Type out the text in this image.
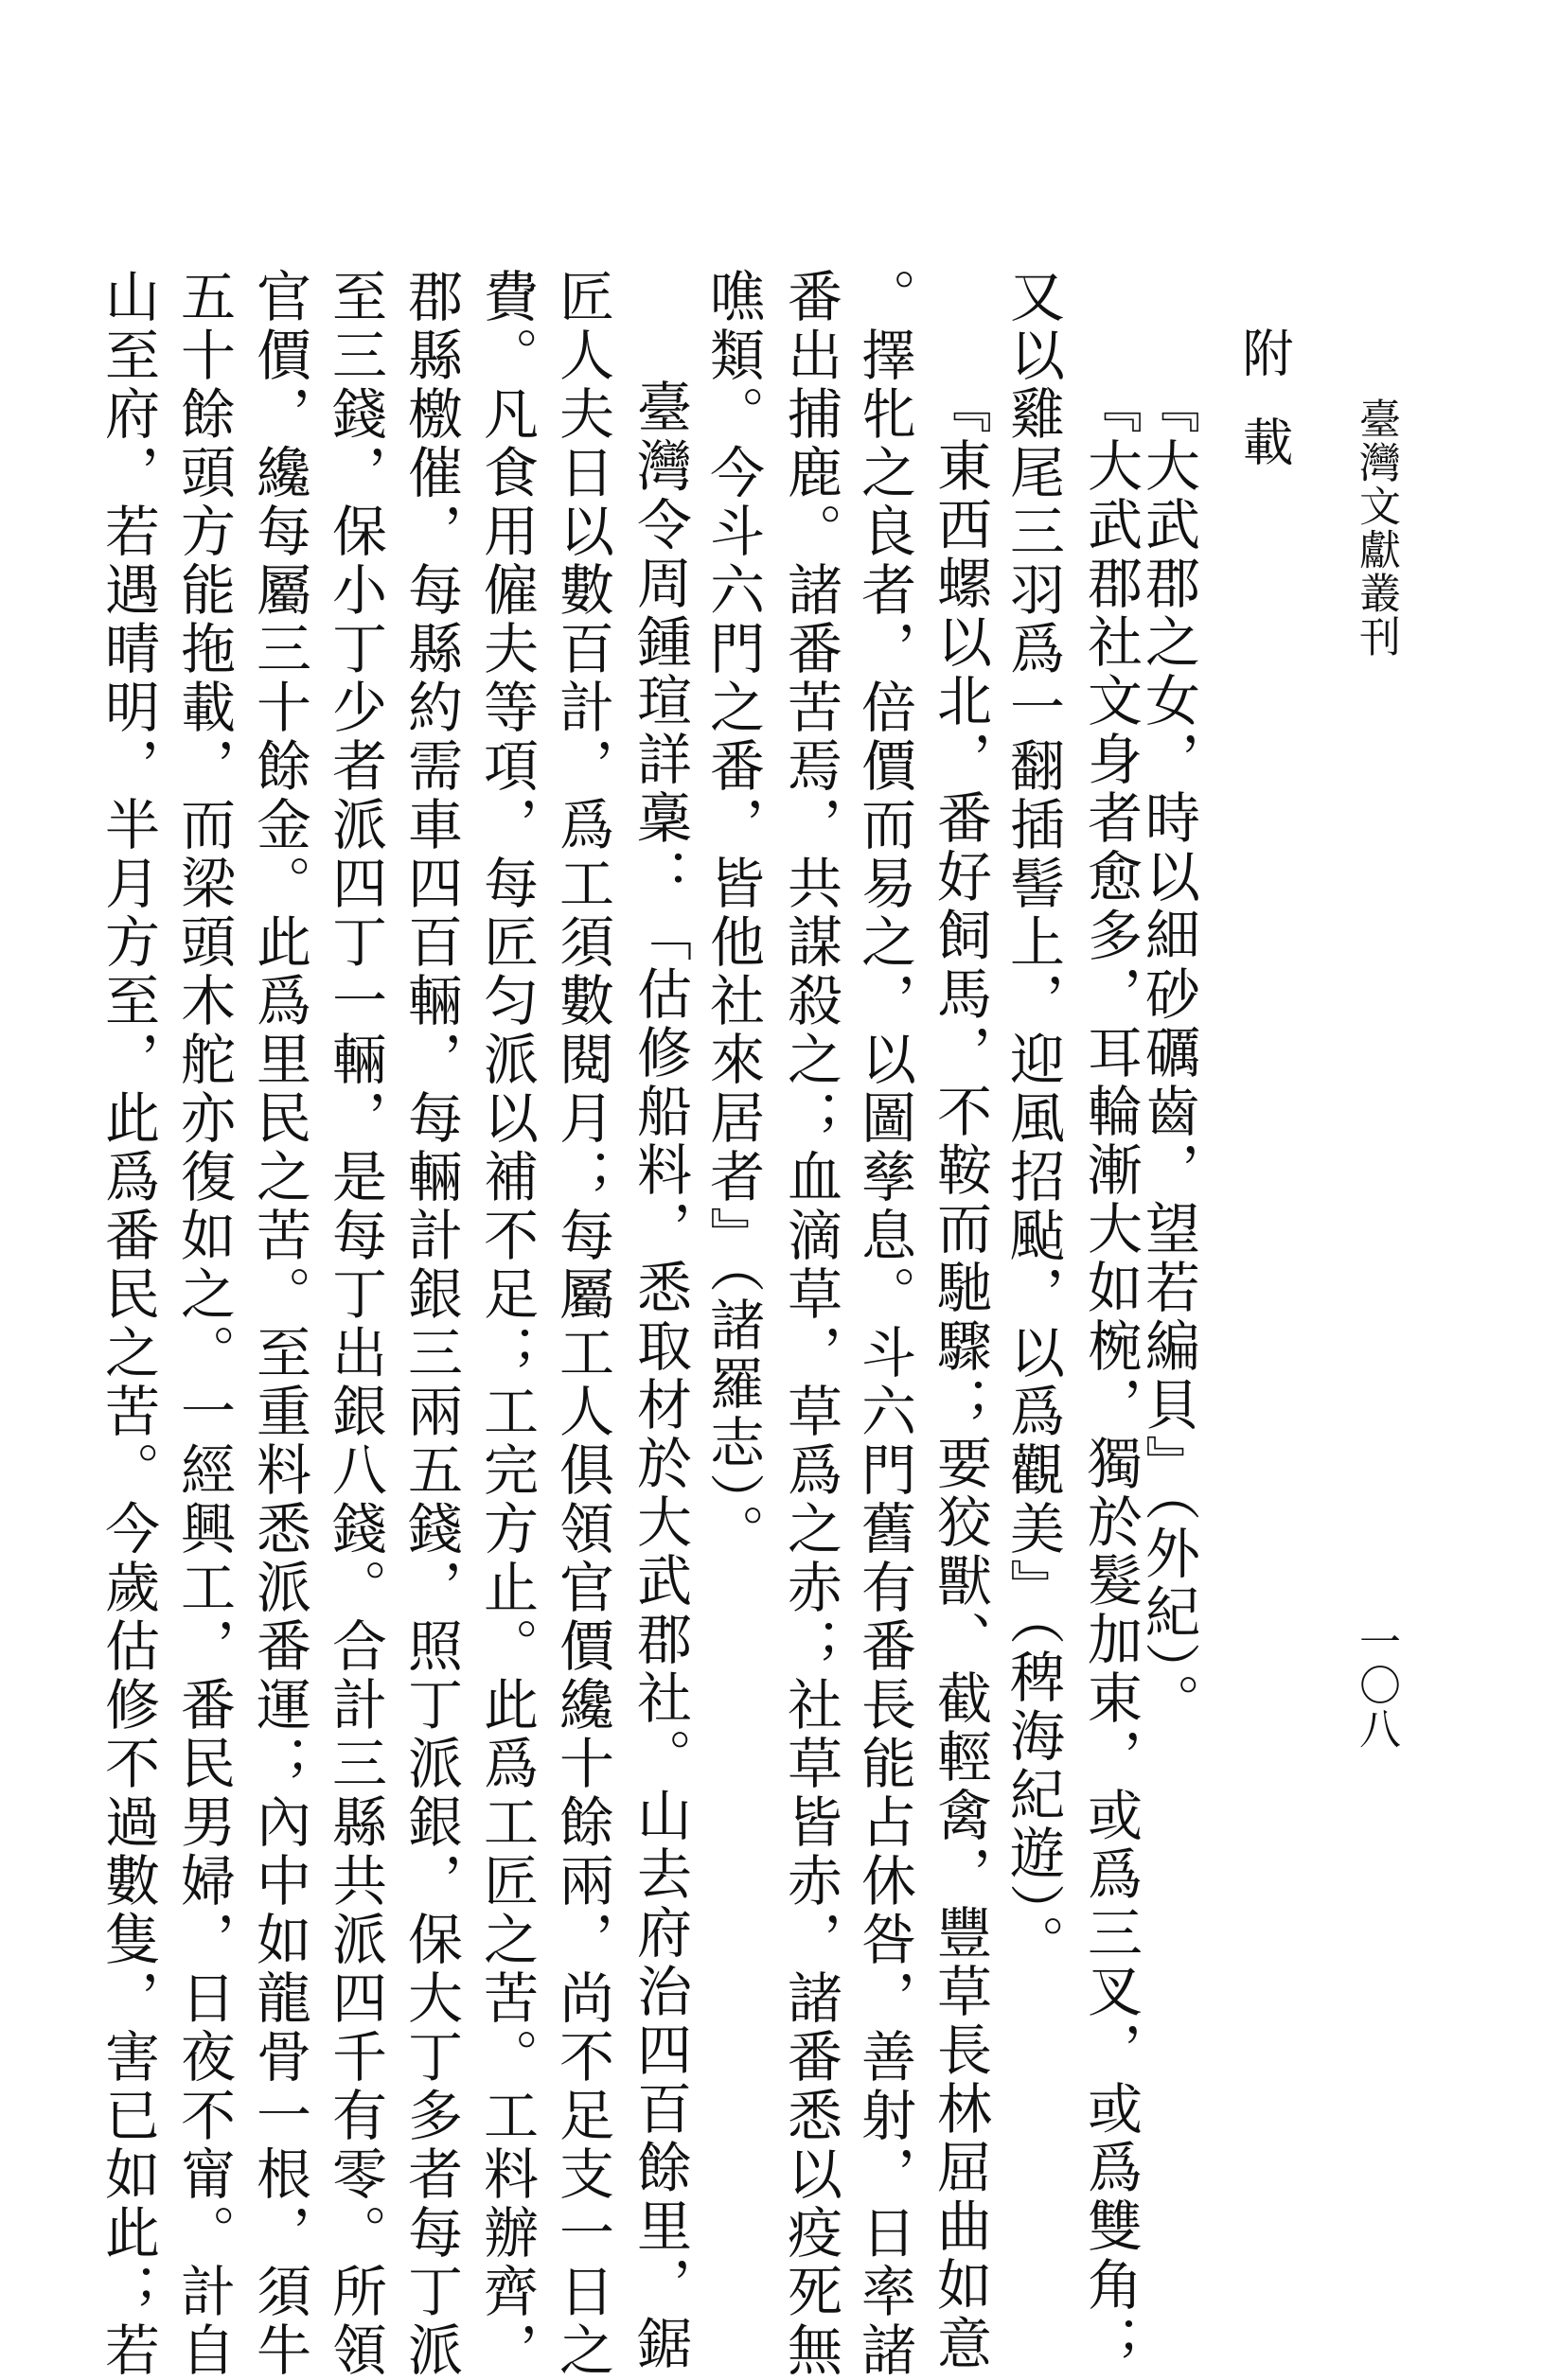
臺灣文獻叢刊
一〇八
附載
『大武郡之女，時以細砂礪齒，望若編貝』（外紀）。
『大武郡社文身者愈多，耳輪漸大如椀，獨於髮加束，或爲三叉，或爲雙角；
又以雞尾三羽爲一翻插髻上，迎風招颭，以爲觀美』（稗海紀遊）。
『東西螺以北，番好飼馬，不鞍而馳驟；要狡獸、截輕禽，豐草長林屈曲如意
。擇牝之良者，倍價而易之，以圖孳息。斗六門舊有番長能占休咎，善射，日率諸
番出捕鹿。諸番苦焉，共謀殺之；血滴草，草爲之赤；社草皆赤，諸番悉以疫死無
噍類。今斗六門之番，皆他社來居者』（諸羅志）。
臺灣令周鍾瑄詳稾：「估修船料，悉取材於大武郡社。山去府治四百餘里，鋸
匠人夫日以數百計，爲工須數閱月；每屬工人俱領官價纔十餘兩，尚不足支一日之
費。凡食用僱夫等項，每匠匀派以補不足；工完方止。此爲工匠之苦。工料辦齊，
郡縣檄催，每縣約需車四百輛，每輛計銀三兩五錢，照丁派銀，保大丁多者每丁派
至三錢，保小丁少者派四丁一輛，是每丁出銀八錢。合計三縣共派四千有零。所領
官價，纔每屬三十餘金。此爲里民之苦。至重料悉派番運；內中如龍骨一根，須牛
五十餘頭方能拖載，而梁頭木舵亦復如之。一經興工，番民男婦，日夜不甯。計自
山至府，若遇晴明，半月方至，此爲番民之苦。今歲估修不過數隻，害已如此；若
